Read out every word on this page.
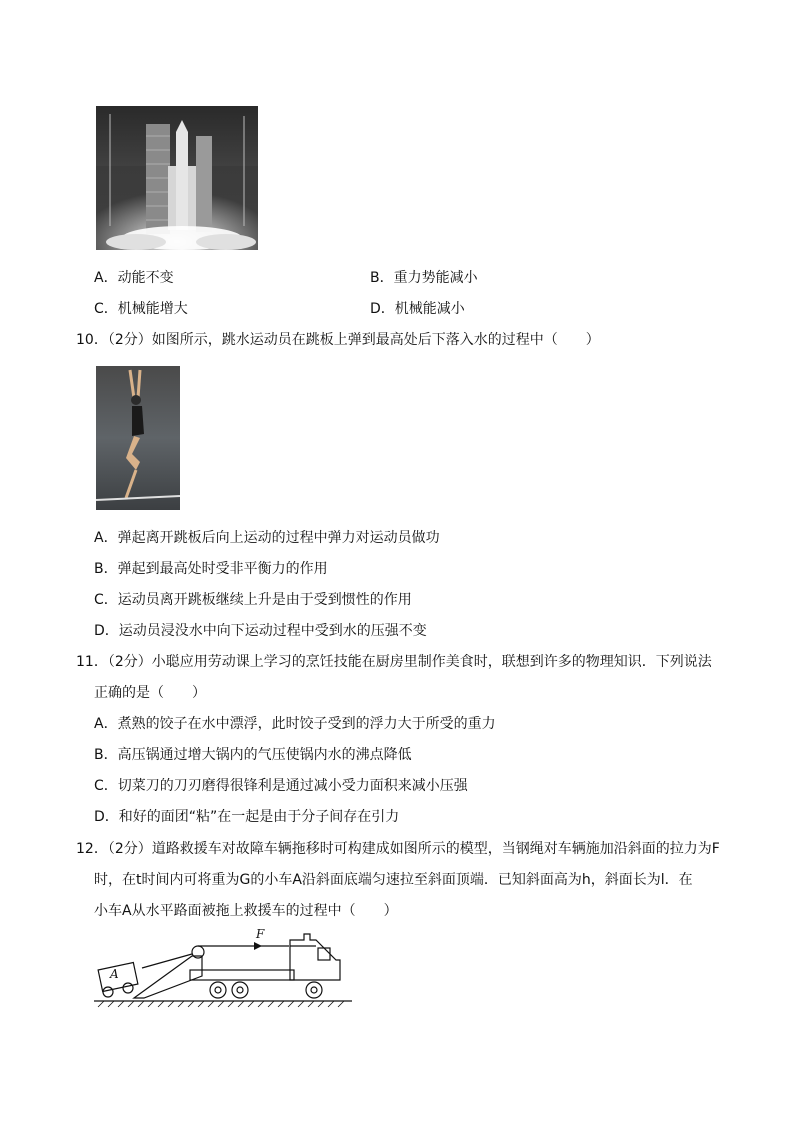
A．动能不变	B．重力势能减小
C．机械能增大	D．机械能减小
10．（2分）如图所示，跳水运动员在跳板上弹到最高处后下落入水的过程中（　　）
A．弹起离开跳板后向上运动的过程中弹力对运动员做功
B．弹起到最高处时受非平衡力的作用
C．运动员离开跳板继续上升是由于受到惯性的作用
D．运动员浸没水中向下运动过程中受到水的压强不变
11．（2分）小聪应用劳动课上学习的烹饪技能在厨房里制作美食时，联想到许多的物理知识．下列说法
正确的是（　　）
A．煮熟的饺子在水中漂浮，此时饺子受到的浮力大于所受的重力
B．高压锅通过增大锅内的气压使锅内水的沸点降低
C．切菜刀的刀刃磨得很锋利是通过减小受力面积来减小压强
D．和好的面团“粘”在一起是由于分子间存在引力
12．（2分）道路救援车对故障车辆拖移时可构建成如图所示的模型，当钢绳对车辆施加沿斜面的拉力为F
时，在t时间内可将重为G的小车A沿斜面底端匀速拉至斜面顶端．已知斜面高为h，斜面长为l．在
小车A从水平路面被拖上救援车的过程中（　　）
F
A
